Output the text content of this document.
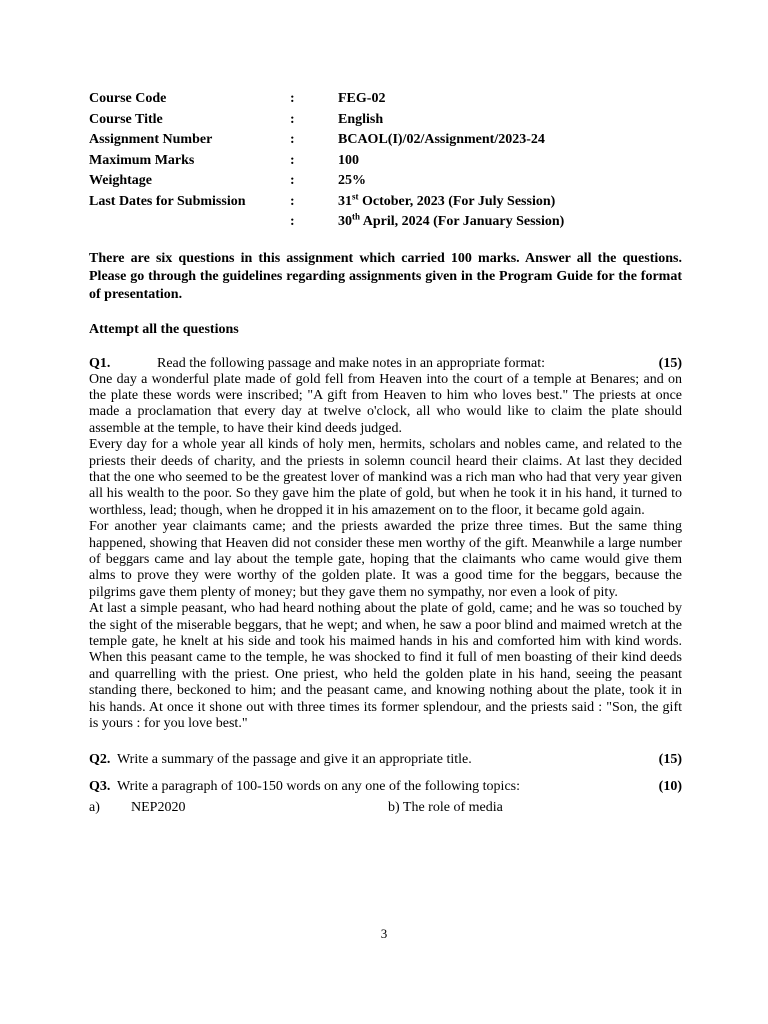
Course Code	:	FEG-02
Course Title	:	English
Assignment Number	:	BCAOL(I)/02/Assignment/2023-24
Maximum Marks	:	100
Weightage	:	25%
Last Dates for Submission	:	31st October, 2023 (For July Session)
	:	30th April, 2024 (For January Session)
There are six questions in this assignment which carried 100 marks. Answer all the questions. Please go through the guidelines regarding assignments given in the Program Guide for the format of presentation.
Attempt all the questions
Q1.	Read the following passage and make notes in an appropriate format:	(15)

One day a wonderful plate made of gold fell from Heaven into the court of a temple at Benares; and on the plate these words were inscribed; "A gift from Heaven to him who loves best." The priests at once made a proclamation that every day at twelve o'clock, all who would like to claim the plate should assemble at the temple, to have their kind deeds judged.

Every day for a whole year all kinds of holy men, hermits, scholars and nobles came, and related to the priests their deeds of charity, and the priests in solemn council heard their claims. At last they decided that the one who seemed to be the greatest lover of mankind was a rich man who had that very year given all his wealth to the poor. So they gave him the plate of gold, but when he took it in his hand, it turned to worthless, lead; though, when he dropped it in his amazement on to the floor, it became gold again.

For another year claimants came; and the priests awarded the prize three times. But the same thing happened, showing that Heaven did not consider these men worthy of the gift. Meanwhile a large number of beggars came and lay about the temple gate, hoping that the claimants who came would give them alms to prove they were worthy of the golden plate. It was a good time for the beggars, because the pilgrims gave them plenty of money; but they gave them no sympathy, nor even a look of pity.

At last a simple peasant, who had heard nothing about the plate of gold, came; and he was so touched by the sight of the miserable beggars, that he wept; and when, he saw a poor blind and maimed wretch at the temple gate, he knelt at his side and took his maimed hands in his and comforted him with kind words. When this peasant came to the temple, he was shocked to find it full of men boasting of their kind deeds and quarrelling with the priest. One priest, who held the golden plate in his hand, seeing the peasant standing there, beckoned to him; and the peasant came, and knowing nothing about the plate, took it in his hands. At once it shone out with three times its former splendour, and the priests said : "Son, the gift is yours : for you love best."

Q2. Write a summary of the passage and give it an appropriate title.	(15)
Q3. Write a paragraph of 100-150 words on any one of the following topics:	(10)
a)	NEP2020	b) The role of media
3
